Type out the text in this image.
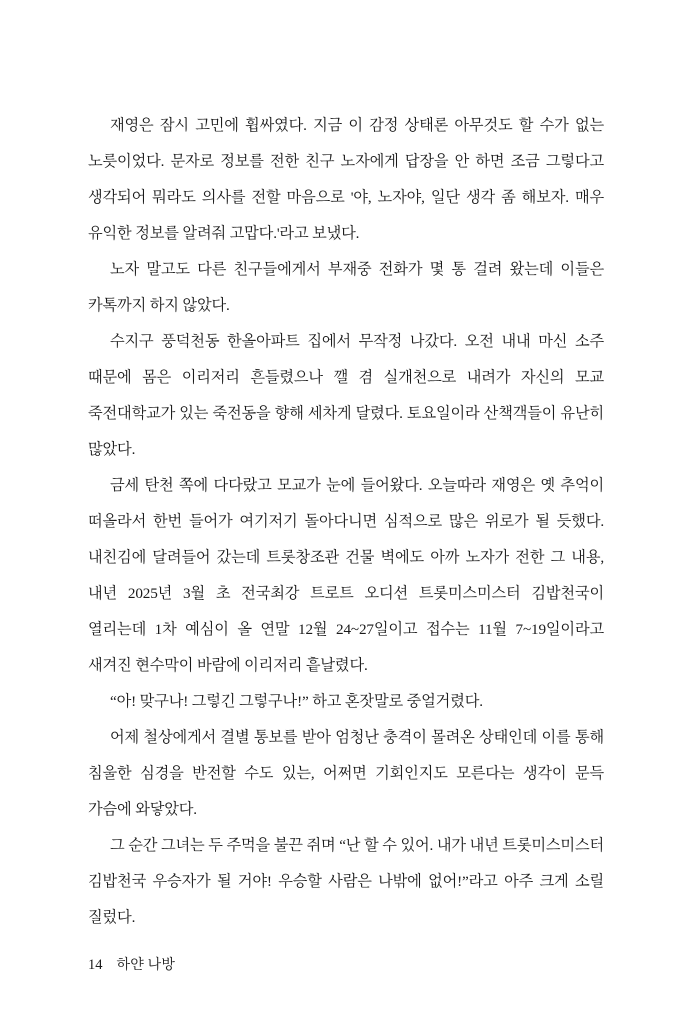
재영은 잠시 고민에 휩싸였다. 지금 이 감정 상태론 아무것도 할 수가 없는 노릇이었다. 문자로 정보를 전한 친구 노자에게 답장을 안 하면 조금 그렇다고 생각되어 뭐라도 의사를 전할 마음으로 '야, 노자야, 일단 생각 좀 해보자. 매우 유익한 정보를 알려줘 고맙다.'라고 보냈다.

노자 말고도 다른 친구들에게서 부재중 전화가 몇 통 걸려 왔는데 이들은 카톡까지 하지 않았다.

수지구 풍덕천동 한올아파트 집에서 무작정 나갔다. 오전 내내 마신 소주 때문에 몸은 이리저리 흔들렸으나 깰 겸 실개천으로 내려가 자신의 모교 죽전대학교가 있는 죽전동을 향해 세차게 달렸다. 토요일이라 산책객들이 유난히 많았다.

금세 탄천 쪽에 다다랐고 모교가 눈에 들어왔다. 오늘따라 재영은 옛 추억이 떠올라서 한번 들어가 여기저기 돌아다니면 심적으로 많은 위로가 될 듯했다. 내친김에 달려들어 갔는데 트롯창조관 건물 벽에도 아까 노자가 전한 그 내용, 내년 2025년 3월 초 전국최강 트로트 오디션 트롯미스미스터 김밥천국이 열리는데 1차 예심이 올 연말 12월 24~27일이고 접수는 11월 7~19일이라고 새겨진 현수막이 바람에 이리저리 흩날렸다.

“아! 맞구나! 그렇긴 그렇구나!” 하고 혼잣말로 중얼거렸다.

어제 철상에게서 결별 통보를 받아 엄청난 충격이 몰려온 상태인데 이를 통해 침울한 심경을 반전할 수도 있는, 어쩌면 기회인지도 모른다는 생각이 문득 가슴에 와닿았다.

그 순간 그녀는 두 주먹을 불끈 쥐며 “난 할 수 있어. 내가 내년 트롯미스미스터 김밥천국 우승자가 될 거야! 우승할 사람은 나밖에 없어!”라고 아주 크게 소릴 질렀다.

14 하얀 나방
